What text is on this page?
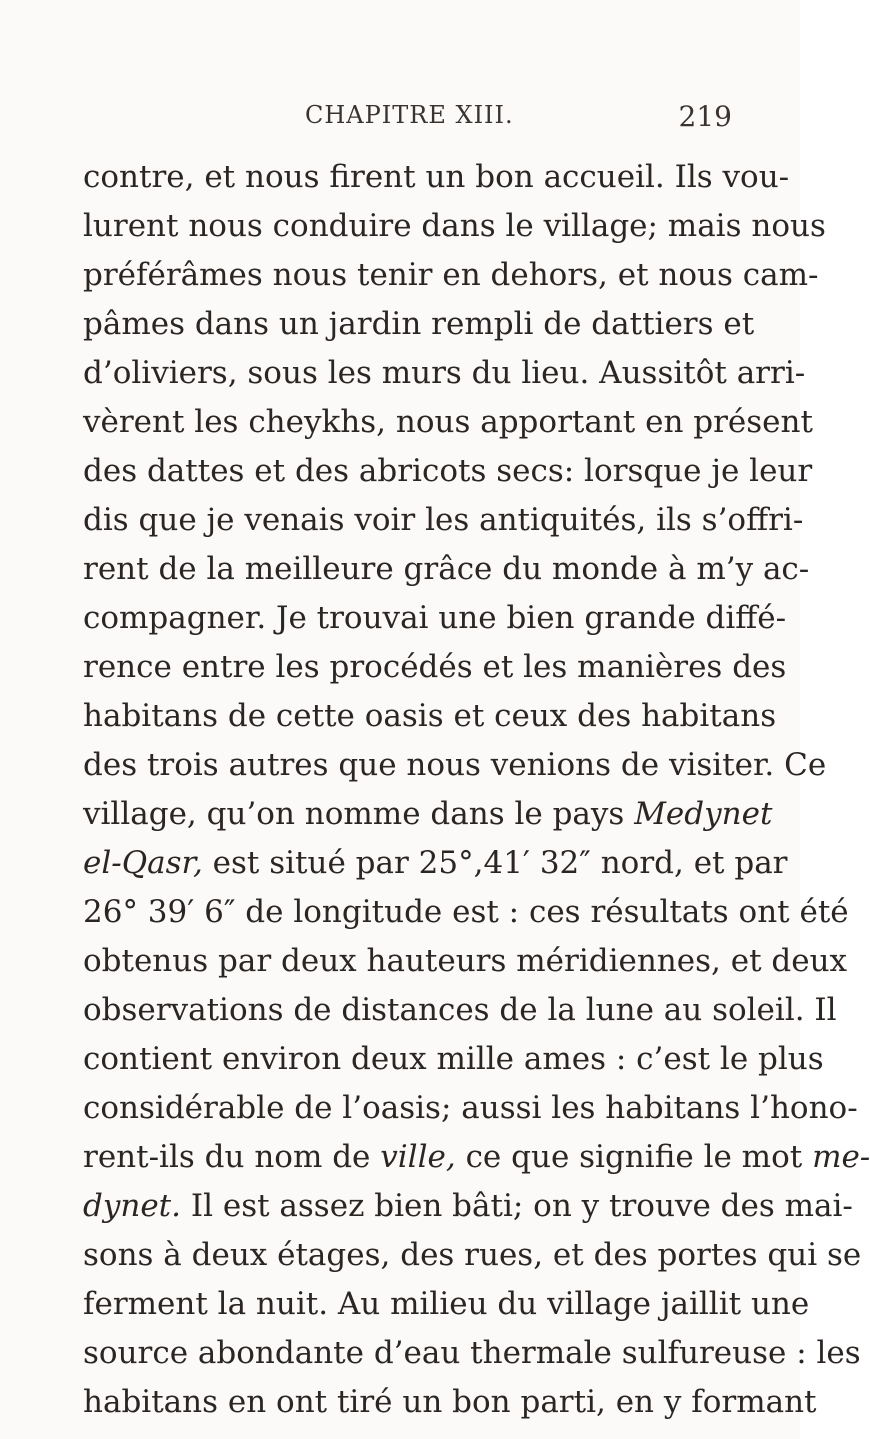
CHAPITRE XIII.	219
contre, et nous firent un bon accueil. Ils vou-
lurent nous conduire dans le village; mais nous
préférâmes nous tenir en dehors, et nous cam-
pâmes dans un jardin rempli de dattiers et
d’oliviers, sous les murs du lieu. Aussitôt arri-
vèrent les cheykhs, nous apportant en présent
des dattes et des abricots secs: lorsque je leur
dis que je venais voir les antiquités, ils s’offri-
rent de la meilleure grâce du monde à m’y ac-
compagner. Je trouvai une bien grande diffé-
rence entre les procédés et les manières des
habitans de cette oasis et ceux des habitans
des trois autres que nous venions de visiter. Ce
village, qu’on nomme dans le pays Medynet
el-Qasr, est situé par 25°,41′ 32″ nord, et par
26° 39′ 6″ de longitude est : ces résultats ont été
obtenus par deux hauteurs méridiennes, et deux
observations de distances de la lune au soleil. Il
contient environ deux mille ames : c’est le plus
considérable de l’oasis; aussi les habitans l’hono-
rent-ils du nom de ville, ce que signifie le mot me-
dynet. Il est assez bien bâti; on y trouve des mai-
sons à deux étages, des rues, et des portes qui se
ferment la nuit. Au milieu du village jaillit une
source abondante d’eau thermale sulfureuse : les
habitans en ont tiré un bon parti, en y formant
